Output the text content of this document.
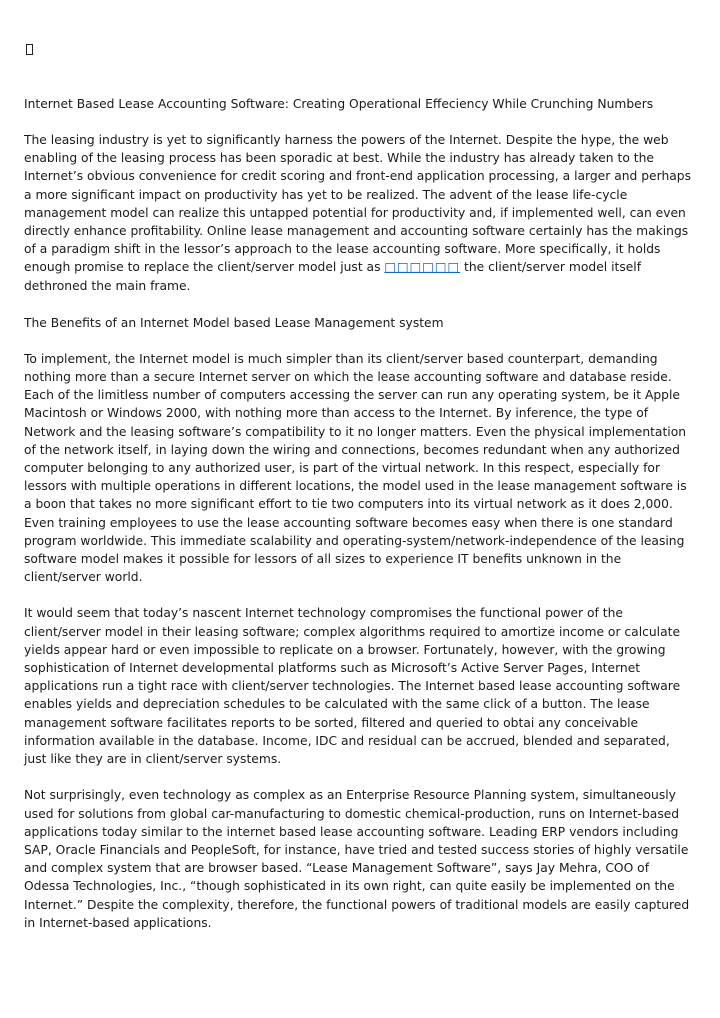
Internet Based Lease Accounting Software: Creating Operational Effeciency While Crunching Numbers

The leasing industry is yet to significantly harness the powers of the Internet. Despite the hype, the web enabling of the leasing process has been sporadic at best. While the industry has already taken to the Internet’s obvious convenience for credit scoring and front-end application processing, a larger and perhaps a more significant impact on productivity has yet to be realized. The advent of the lease life-cycle management model can realize this untapped potential for productivity and, if implemented well, can even directly enhance profitability. Online lease management and accounting software certainly has the makings of a paradigm shift in the lessor’s approach to the lease accounting software. More specifically, it holds enough promise to replace the client/server model just as □□□□□□ the client/server model itself dethroned the main frame.

The Benefits of an Internet Model based Lease Management system

To implement, the Internet model is much simpler than its client/server based counterpart, demanding nothing more than a secure Internet server on which the lease accounting software and database reside. Each of the limitless number of computers accessing the server can run any operating system, be it Apple Macintosh or Windows 2000, with nothing more than access to the Internet. By inference, the type of Network and the leasing software’s compatibility to it no longer matters. Even the physical implementation of the network itself, in laying down the wiring and connections, becomes redundant when any authorized computer belonging to any authorized user, is part of the virtual network. In this respect, especially for lessors with multiple operations in different locations, the model used in the lease management software is a boon that takes no more significant effort to tie two computers into its virtual network as it does 2,000. Even training employees to use the lease accounting software becomes easy when there is one standard program worldwide. This immediate scalability and operating-system/network-independence of the leasing software model makes it possible for lessors of all sizes to experience IT benefits unknown in the client/server world.

It would seem that today’s nascent Internet technology compromises the functional power of the client/server model in their leasing software; complex algorithms required to amortize income or calculate yields appear hard or even impossible to replicate on a browser. Fortunately, however, with the growing sophistication of Internet developmental platforms such as Microsoft’s Active Server Pages, Internet applications run a tight race with client/server technologies. The Internet based lease accounting software enables yields and depreciation schedules to be calculated with the same click of a button. The lease management software facilitates reports to be sorted, filtered and queried to obtai any conceivable information available in the database. Income, IDC and residual can be accrued, blended and separated, just like they are in client/server systems.

Not surprisingly, even technology as complex as an Enterprise Resource Planning system, simultaneously used for solutions from global car-manufacturing to domestic chemical-production, runs on Internet-based applications today similar to the internet based lease accounting software. Leading ERP vendors including SAP, Oracle Financials and PeopleSoft, for instance, have tried and tested success stories of highly versatile and complex system that are browser based. “Lease Management Software”, says Jay Mehra, COO of Odessa Technologies, Inc., “though sophisticated in its own right, can quite easily be implemented on the Internet.” Despite the complexity, therefore, the functional powers of traditional models are easily captured in Internet-based applications.
